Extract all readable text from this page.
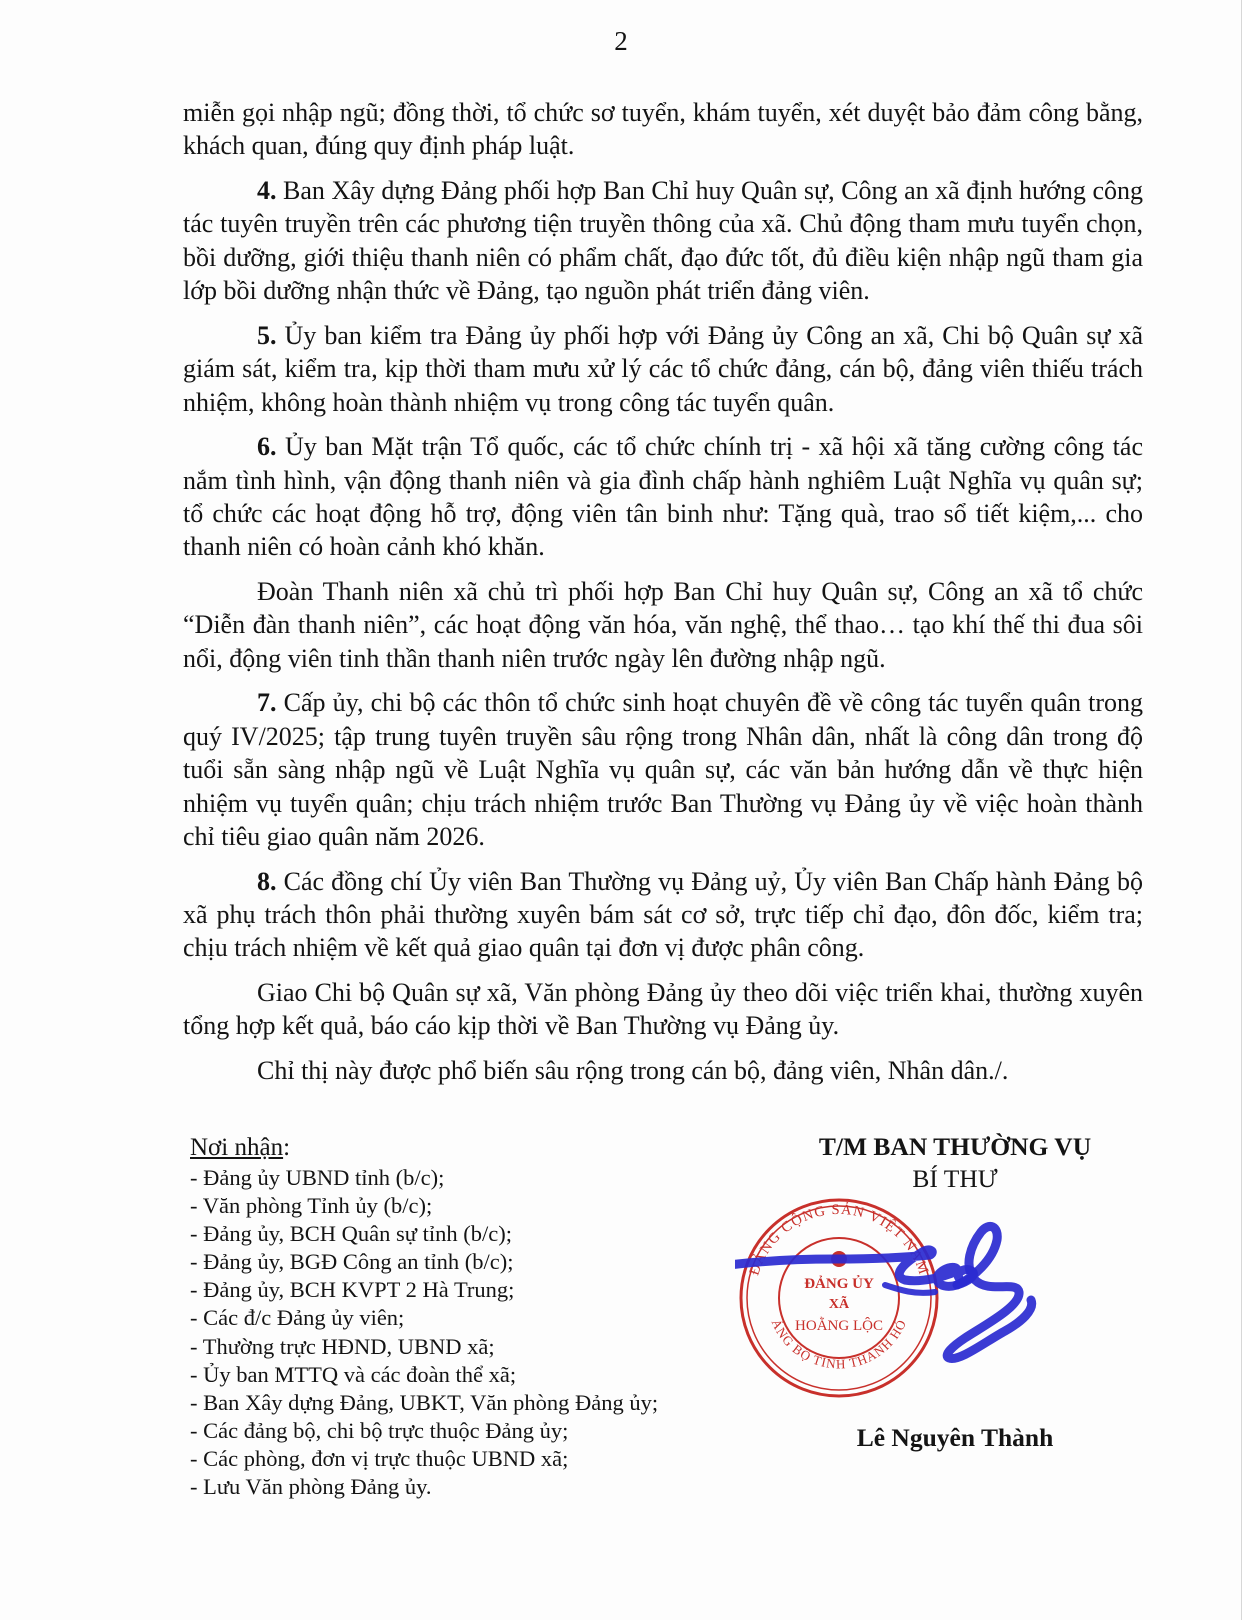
2

miễn gọi nhập ngũ; đồng thời, tổ chức sơ tuyển, khám tuyển, xét duyệt bảo đảm công bằng, khách quan, đúng quy định pháp luật.

4. Ban Xây dựng Đảng phối hợp Ban Chỉ huy Quân sự, Công an xã định hướng công tác tuyên truyền trên các phương tiện truyền thông của xã. Chủ động tham mưu tuyển chọn, bồi dưỡng, giới thiệu thanh niên có phẩm chất, đạo đức tốt, đủ điều kiện nhập ngũ tham gia lớp bồi dưỡng nhận thức về Đảng, tạo nguồn phát triển đảng viên.

5. Ủy ban kiểm tra Đảng ủy phối hợp với Đảng ủy Công an xã, Chi bộ Quân sự xã giám sát, kiểm tra, kịp thời tham mưu xử lý các tổ chức đảng, cán bộ, đảng viên thiếu trách nhiệm, không hoàn thành nhiệm vụ trong công tác tuyển quân.

6. Ủy ban Mặt trận Tổ quốc, các tổ chức chính trị - xã hội xã tăng cường công tác nắm tình hình, vận động thanh niên và gia đình chấp hành nghiêm Luật Nghĩa vụ quân sự; tổ chức các hoạt động hỗ trợ, động viên tân binh như: Tặng quà, trao sổ tiết kiệm,... cho thanh niên có hoàn cảnh khó khăn.

Đoàn Thanh niên xã chủ trì phối hợp Ban Chỉ huy Quân sự, Công an xã tổ chức “Diễn đàn thanh niên”, các hoạt động văn hóa, văn nghệ, thể thao… tạo khí thế thi đua sôi nổi, động viên tinh thần thanh niên trước ngày lên đường nhập ngũ.

7. Cấp ủy, chi bộ các thôn tổ chức sinh hoạt chuyên đề về công tác tuyển quân trong quý IV/2025; tập trung tuyên truyền sâu rộng trong Nhân dân, nhất là công dân trong độ tuổi sẵn sàng nhập ngũ về Luật Nghĩa vụ quân sự, các văn bản hướng dẫn về thực hiện nhiệm vụ tuyển quân; chịu trách nhiệm trước Ban Thường vụ Đảng ủy về việc hoàn thành chỉ tiêu giao quân năm 2026.

8. Các đồng chí Ủy viên Ban Thường vụ Đảng uỷ, Ủy viên Ban Chấp hành Đảng bộ xã phụ trách thôn phải thường xuyên bám sát cơ sở, trực tiếp chỉ đạo, đôn đốc, kiểm tra; chịu trách nhiệm về kết quả giao quân tại đơn vị được phân công.

Giao Chi bộ Quân sự xã, Văn phòng Đảng ủy theo dõi việc triển khai, thường xuyên tổng hợp kết quả, báo cáo kịp thời về Ban Thường vụ Đảng ủy.

Chỉ thị này được phổ biến sâu rộng trong cán bộ, đảng viên, Nhân dân./.

Nơi nhận:
- Đảng ủy UBND tỉnh (b/c);
- Văn phòng Tỉnh ủy (b/c);
- Đảng ủy, BCH Quân sự tỉnh (b/c);
- Đảng ủy, BGĐ Công an tỉnh (b/c);
- Đảng ủy, BCH KVPT 2 Hà Trung;
- Các đ/c Đảng ủy viên;
- Thường trực HĐND, UBND xã;
- Ủy ban MTTQ và các đoàn thể xã;
- Ban Xây dựng Đảng, UBKT, Văn phòng Đảng ủy;
- Các đảng bộ, chi bộ trực thuộc Đảng ủy;
- Các phòng, đơn vị trực thuộc UBND xã;
- Lưu Văn phòng Đảng ủy.
T/M BAN THƯỜNG VỤ
BÍ THƯ
ĐẢNG CỘNG SẢN VIỆT NAM
ẢNG BỘ TỈNH THANH HÓ
ĐẢNG ỦY
XÃ
HOẰNG LỘC
Lê Nguyên Thành
